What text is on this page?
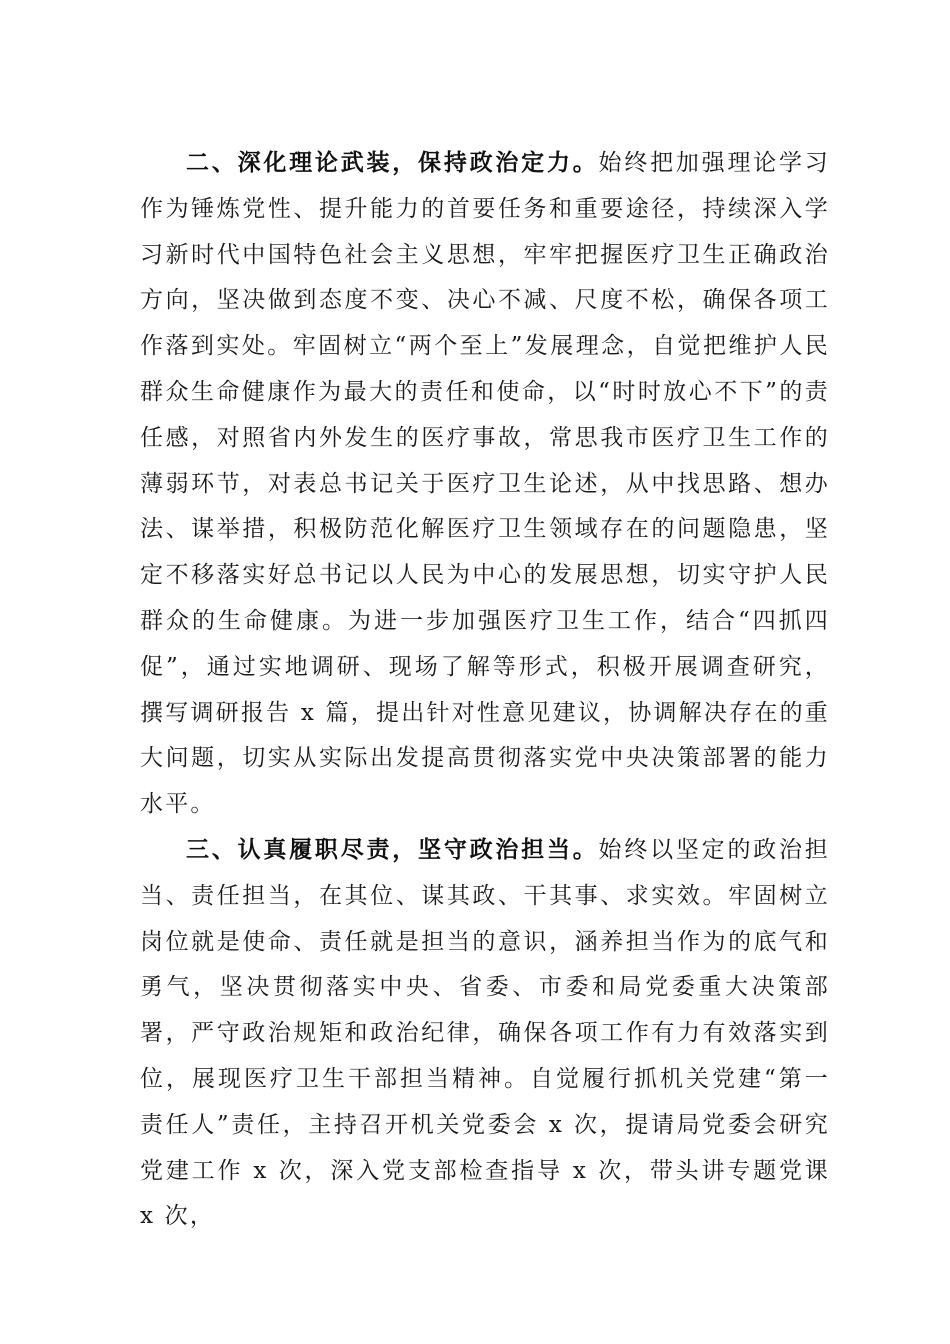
二、深化理论武装，保持政治定力。始终把加强理论学习作为锤炼党性、提升能力的首要任务和重要途径，持续深入学习新时代中国特色社会主义思想，牢牢把握医疗卫生正确政治方向，坚决做到态度不变、决心不减、尺度不松，确保各项工作落到实处。牢固树立“两个至上”发展理念，自觉把维护人民群众生命健康作为最大的责任和使命，以“时时放心不下”的责任感，对照省内外发生的医疗事故，常思我市医疗卫生工作的薄弱环节，对表总书记关于医疗卫生论述，从中找思路、想办法、谋举措，积极防范化解医疗卫生领域存在的问题隐患，坚定不移落实好总书记以人民为中心的发展思想，切实守护人民群众的生命健康。为进一步加强医疗卫生工作，结合“四抓四促”，通过实地调研、现场了解等形式，积极开展调查研究，撰写调研报告 x 篇，提出针对性意见建议，协调解决存在的重大问题，切实从实际出发提高贯彻落实党中央决策部署的能力水平。

三、认真履职尽责，坚守政治担当。始终以坚定的政治担当、责任担当，在其位、谋其政、干其事、求实效。牢固树立岗位就是使命、责任就是担当的意识，涵养担当作为的底气和勇气，坚决贯彻落实中央、省委、市委和局党委重大决策部署，严守政治规矩和政治纪律，确保各项工作有力有效落实到位，展现医疗卫生干部担当精神。自觉履行抓机关党建“第一责任人”责任，主持召开机关党委会 x 次，提请局党委会研究党建工作 x 次，深入党支部检查指导 x 次，带头讲专题党课 x 次，
